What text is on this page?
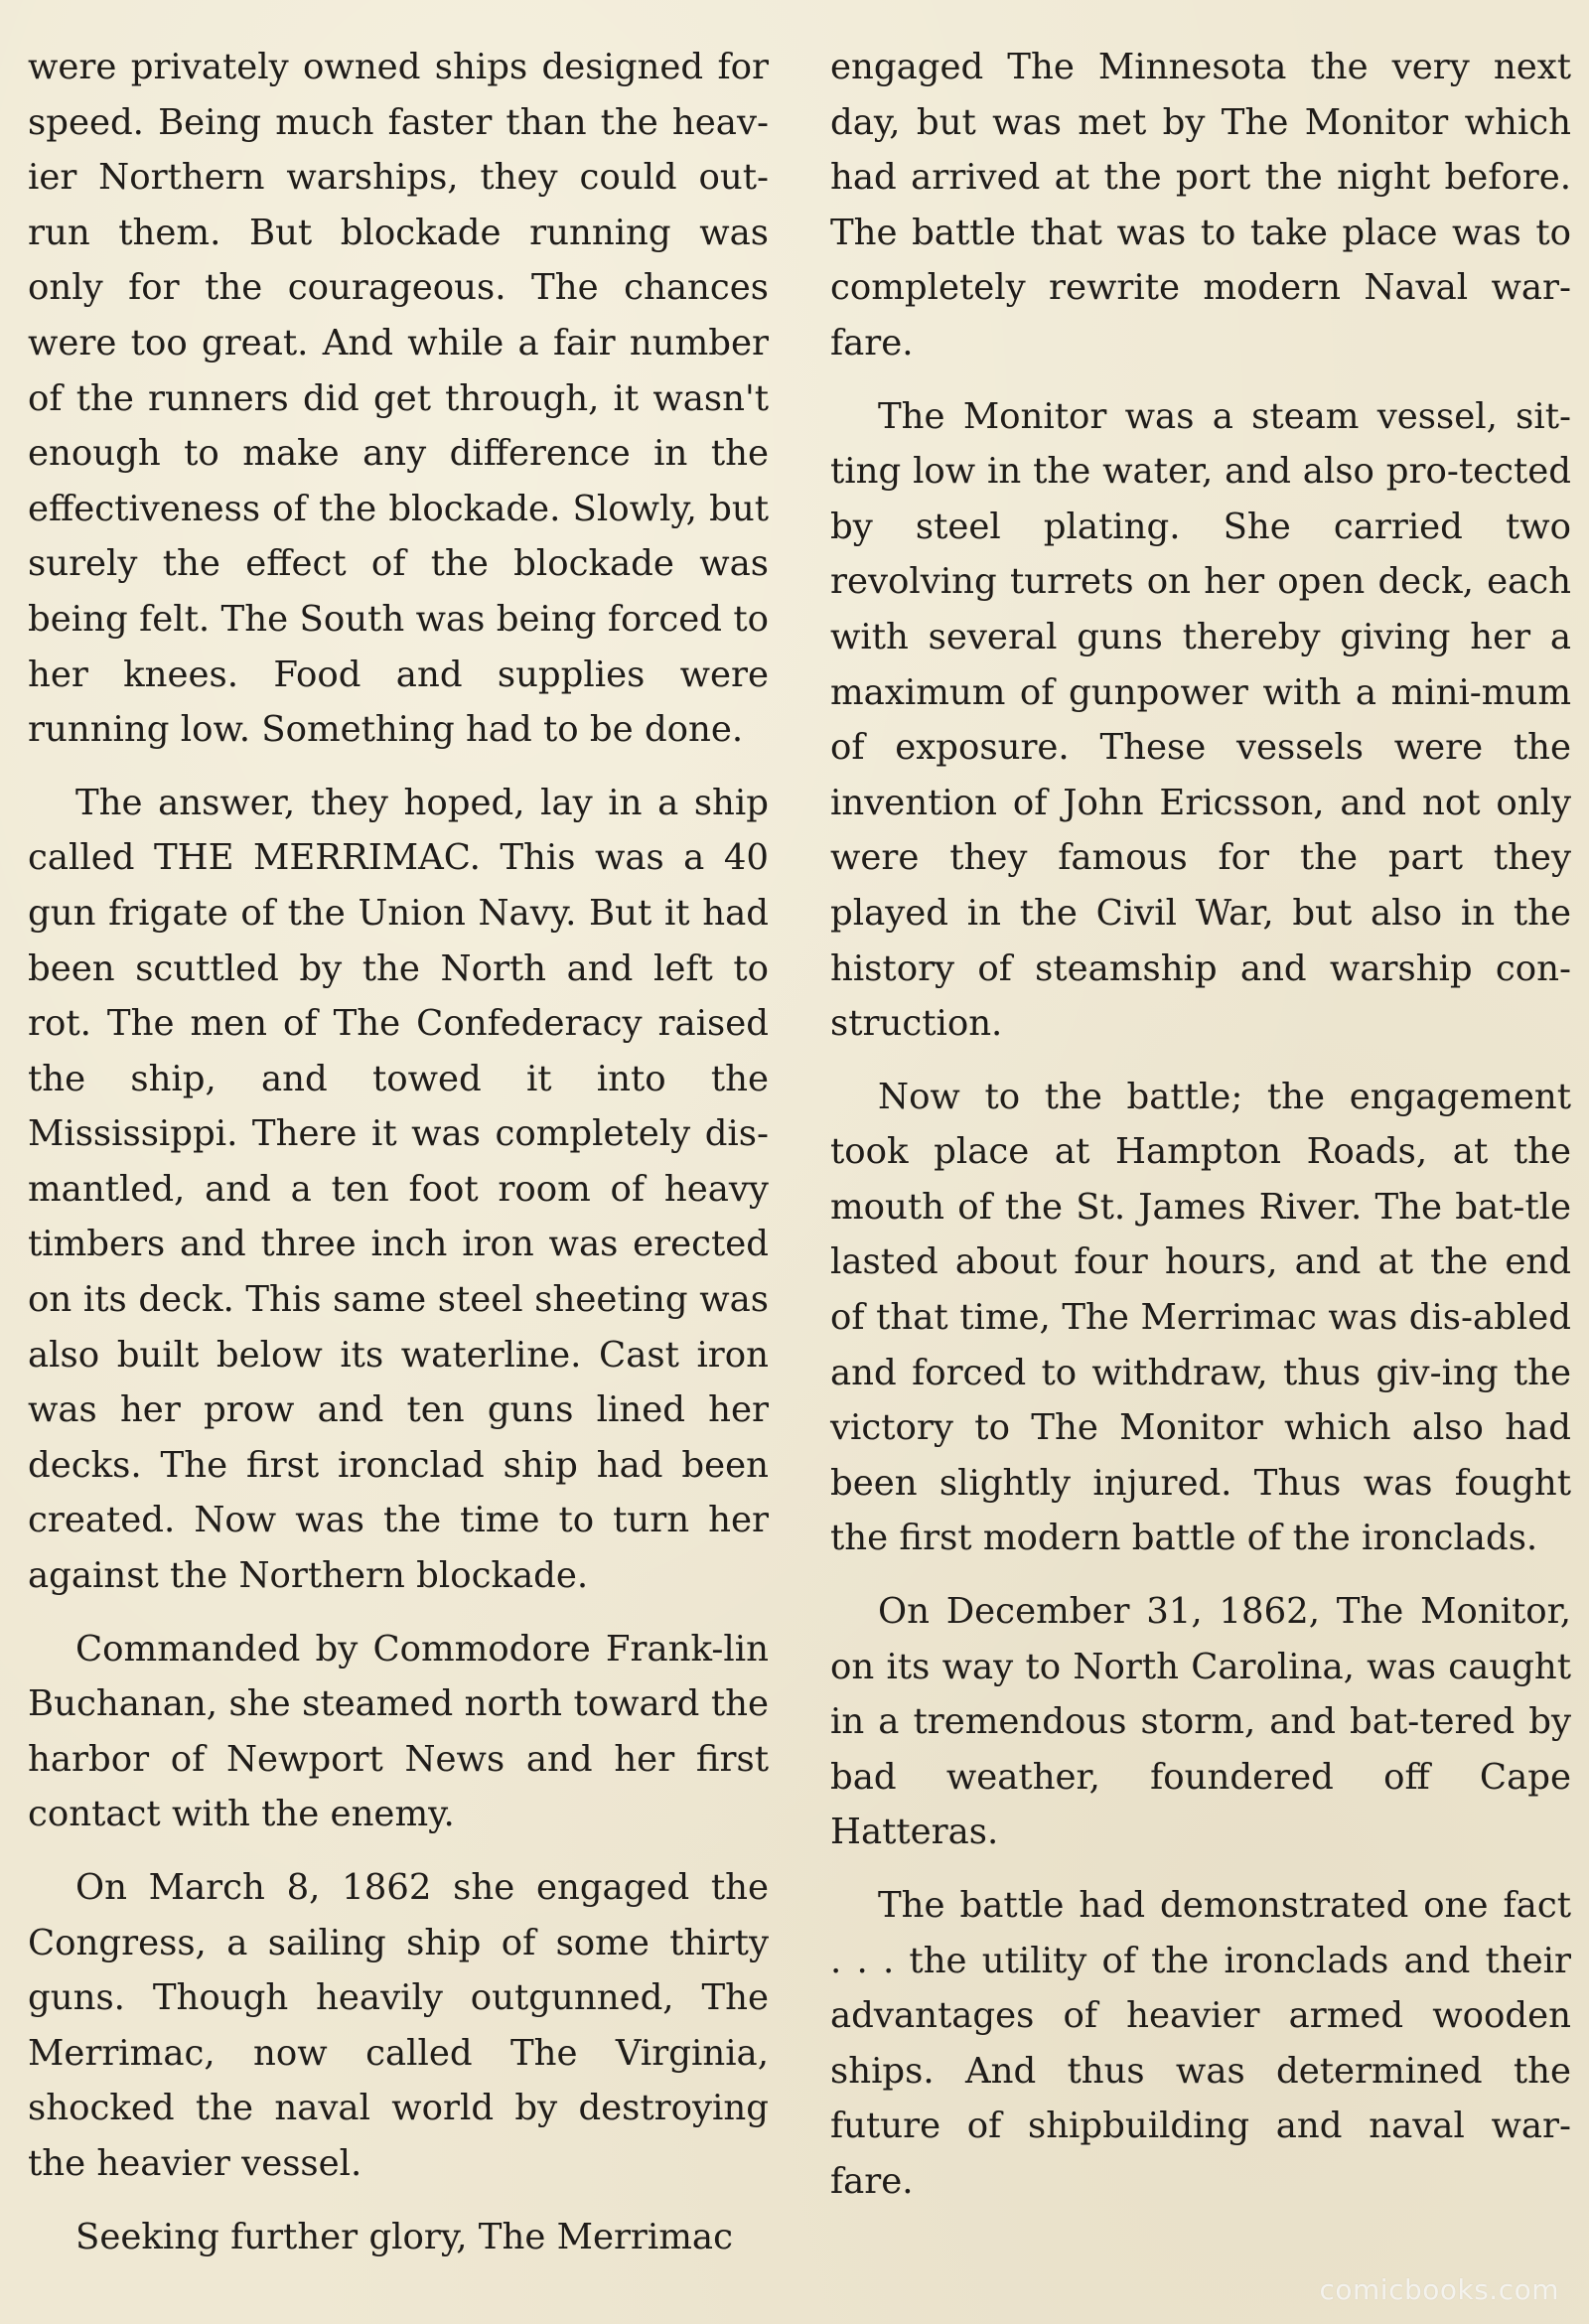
were privately owned ships designed for speed. Being much faster than the heav-ier Northern warships, they could out-run them. But blockade running was only for the courageous. The chances were too great. And while a fair number of the runners did get through, it wasn't enough to make any difference in the effectiveness of the blockade. Slowly, but surely the effect of the blockade was being felt. The South was being forced to her knees. Food and supplies were running low. Something had to be done.

The answer, they hoped, lay in a ship called THE MERRIMAC. This was a 40 gun frigate of the Union Navy. But it had been scuttled by the North and left to rot. The men of The Confederacy raised the ship, and towed it into the Mississippi. There it was completely dis-mantled, and a ten foot room of heavy timbers and three inch iron was erected on its deck. This same steel sheeting was also built below its waterline. Cast iron was her prow and ten guns lined her decks. The first ironclad ship had been created. Now was the time to turn her against the Northern blockade.

Commanded by Commodore Frank-lin Buchanan, she steamed north toward the harbor of Newport News and her first contact with the enemy.

On March 8, 1862 she engaged the Congress, a sailing ship of some thirty guns. Though heavily outgunned, The Merrimac, now called The Virginia, shocked the naval world by destroying the heavier vessel.

Seeking further glory, The Merrimac

engaged The Minnesota the very next day, but was met by The Monitor which had arrived at the port the night before. The battle that was to take place was to completely rewrite modern Naval war-fare.

The Monitor was a steam vessel, sit-ting low in the water, and also pro-tected by steel plating. She carried two revolving turrets on her open deck, each with several guns thereby giving her a maximum of gunpower with a mini-mum of exposure. These vessels were the invention of John Ericsson, and not only were they famous for the part they played in the Civil War, but also in the history of steamship and warship con-struction.

Now to the battle; the engagement took place at Hampton Roads, at the mouth of the St. James River. The bat-tle lasted about four hours, and at the end of that time, The Merrimac was dis-abled and forced to withdraw, thus giv-ing the victory to The Monitor which also had been slightly injured. Thus was fought the first modern battle of the ironclads.

On December 31, 1862, The Monitor, on its way to North Carolina, was caught in a tremendous storm, and bat-tered by bad weather, foundered off Cape Hatteras.

The battle had demonstrated one fact . . . the utility of the ironclads and their advantages of heavier armed wooden ships. And thus was determined the future of shipbuilding and naval war-fare.

comicbooks.com
